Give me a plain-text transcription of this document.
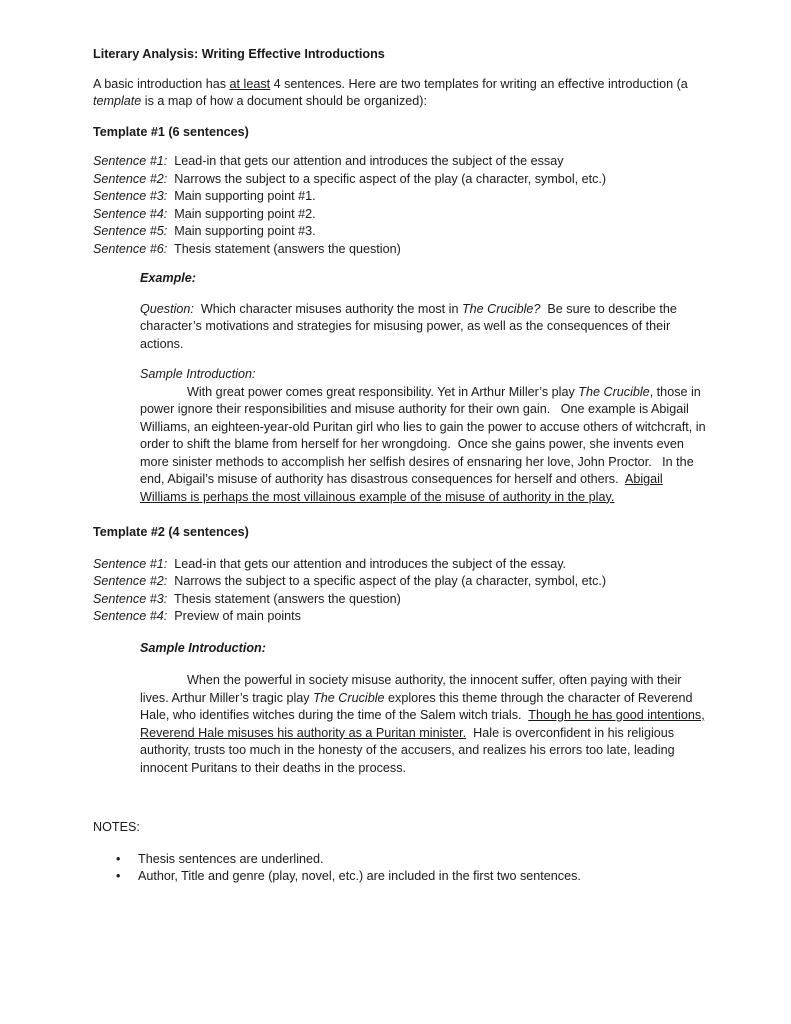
Literary Analysis: Writing Effective Introductions

A basic introduction has at least 4 sentences. Here are two templates for writing an effective introduction (a template is a map of how a document should be organized):

Template #1 (6 sentences)

Sentence #1:  Lead-in that gets our attention and introduces the subject of the essay
Sentence #2:  Narrows the subject to a specific aspect of the play (a character, symbol, etc.)
Sentence #3:  Main supporting point #1.
Sentence #4:  Main supporting point #2.
Sentence #5:  Main supporting point #3.
Sentence #6:  Thesis statement (answers the question)

Example:

Question:  Which character misuses authority the most in The Crucible?  Be sure to describe the character’s motivations and strategies for misusing power, as well as the consequences of their actions.

Sample Introduction:

With great power comes great responsibility. Yet in Arthur Miller’s play The Crucible, those in power ignore their responsibilities and misuse authority for their own gain.   One example is Abigail Williams, an eighteen-year-old Puritan girl who lies to gain the power to accuse others of witchcraft, in order to shift the blame from herself for her wrongdoing.  Once she gains power, she invents even more sinister methods to accomplish her selfish desires of ensnaring her love, John Proctor.   In the end, Abigail’s misuse of authority has disastrous consequences for herself and others.  Abigail Williams is perhaps the most villainous example of the misuse of authority in the play.

Template #2 (4 sentences)

Sentence #1:  Lead-in that gets our attention and introduces the subject of the essay.
Sentence #2:  Narrows the subject to a specific aspect of the play (a character, symbol, etc.)
Sentence #3:  Thesis statement (answers the question)
Sentence #4:  Preview of main points

Sample Introduction:

When the powerful in society misuse authority, the innocent suffer, often paying with their lives. Arthur Miller’s tragic play The Crucible explores this theme through the character of Reverend Hale, who identifies witches during the time of the Salem witch trials.  Though he has good intentions, Reverend Hale misuses his authority as a Puritan minister.  Hale is overconfident in his religious authority, trusts too much in the honesty of the accusers, and realizes his errors too late, leading innocent Puritans to their deaths in the process.

NOTES:

• Thesis sentences are underlined.
• Author, Title and genre (play, novel, etc.) are included in the first two sentences.
